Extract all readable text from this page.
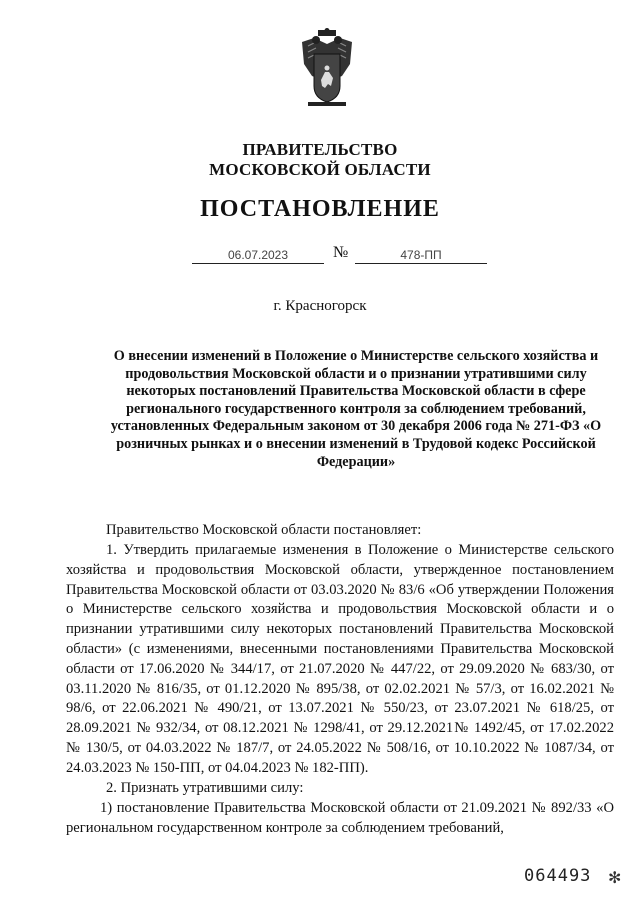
ПРАВИТЕЛЬСТВО
МОСКОВСКОЙ ОБЛАСТИ
ПОСТАНОВЛЕНИЕ
06.07.2023	№	478-ПП
г. Красногорск
О внесении изменений в Положение о Министерстве сельского хозяйства и продовольствия Московской области и о признании утратившими силу некоторых постановлений Правительства Московской области в сфере регионального государственного контроля за соблюдением требований, установленных Федеральным законом от 30 декабря 2006 года № 271-ФЗ «О розничных рынках и о внесении изменений в Трудовой кодекс Российской Федерации»
Правительство Московской области постановляет:
1. Утвердить прилагаемые изменения в Положение о Министерстве сельского хозяйства и продовольствия Московской области, утвержденное постановлением Правительства Московской области от 03.03.2020 № 83/6 «Об утверждении Положения о Министерстве сельского хозяйства и продовольствия Московской области и о признании утратившими силу некоторых постановлений Правительства Московской области» (с изменениями, внесенными постановлениями Правительства Московской области от 17.06.2020 № 344/17, от 21.07.2020 № 447/22, от 29.09.2020 № 683/30, от 03.11.2020 № 816/35, от 01.12.2020 № 895/38, от 02.02.2021 № 57/3, от 16.02.2021 № 98/6, от 22.06.2021 № 490/21, от 13.07.2021 № 550/23, от 23.07.2021 № 618/25, от 28.09.2021 № 932/34, от 08.12.2021 № 1298/41, от 29.12.2021№ 1492/45, от 17.02.2022 № 130/5, от 04.03.2022 № 187/7, от 24.05.2022 № 508/16, от 10.10.2022 № 1087/34, от 24.03.2023 № 150-ПП, от 04.04.2023 № 182-ПП).
2. Признать утратившими силу:
1) постановление Правительства Московской области от 21.09.2021 № 892/33 «О региональном государственном контроле за соблюдением требований,
064493 ✻
